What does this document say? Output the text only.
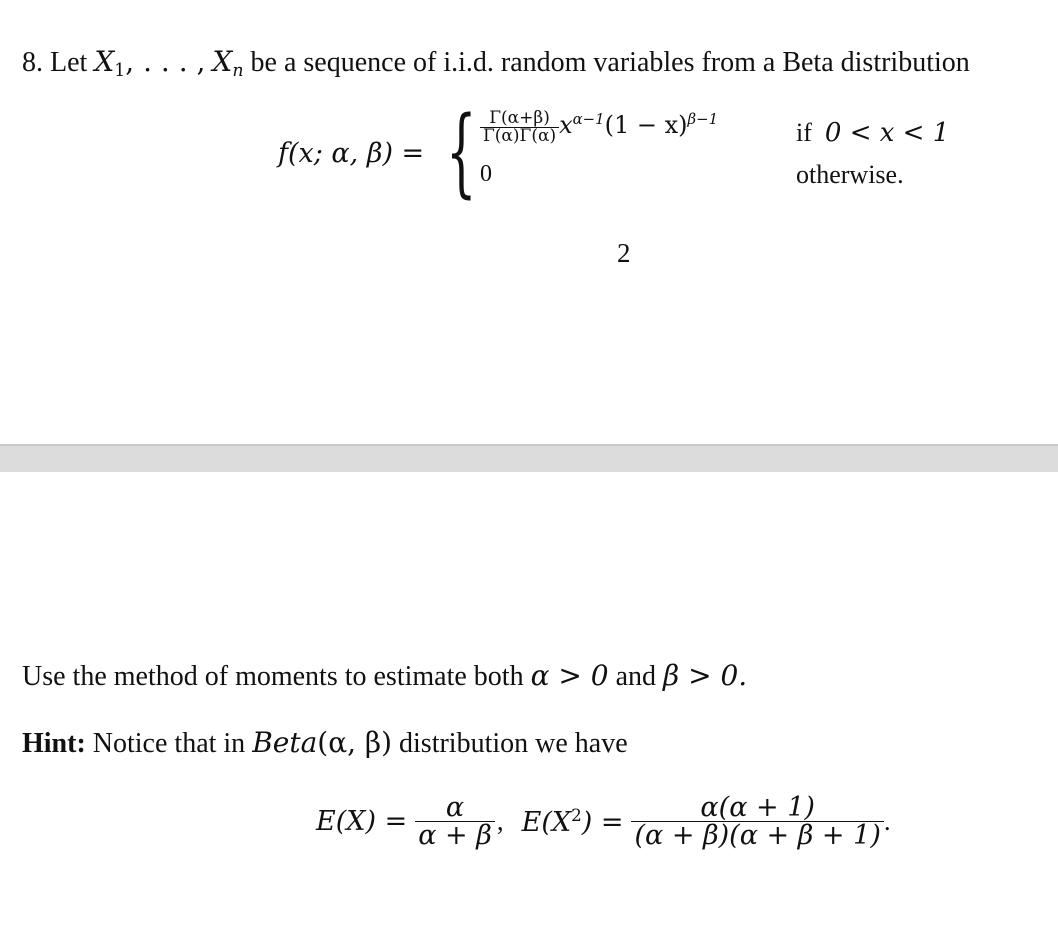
8. Let $X_1$, . . . , $X_n$ be a sequence of i.i.d. random variables from a Beta distribution
f(x; α, β) = { $\frac{\Gamma(\alpha+\beta)}{\Gamma(\alpha)\Gamma(\alpha)} x^{\alpha-1}(1 - x)^{\beta-1}$	if 0 < x < 1
0	otherwise.
2
Use the method of moments to estimate both α > 0 and β > 0.
Hint: Notice that in Beta(α, β) distribution we have
$E(X) = \frac{\alpha}{\alpha + \beta}$ , $E(X^2) = \frac{\alpha(\alpha + 1)}{(\alpha + \beta)(\alpha + \beta + 1)}$ .
